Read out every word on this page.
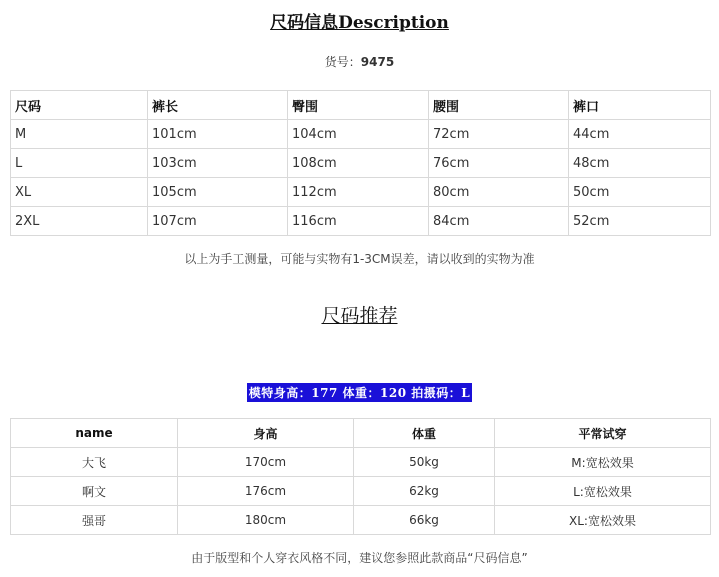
尺码信息Description
货号：9475
尺码	裤长	臀围	腰围	裤口
M	101cm	104cm	72cm	44cm
L	103cm	108cm	76cm	48cm
XL	105cm	112cm	80cm	50cm
2XL	107cm	116cm	84cm	52cm
以上为手工测量，可能与实物有1-3CM误差，请以收到的实物为准
尺码推荐
模特身高：177 体重：120 拍摄码：L
name	身高	体重	平常试穿
大飞	170cm	50kg	M:宽松效果
啊文	176cm	62kg	L:宽松效果
强哥	180cm	66kg	XL:宽松效果
由于版型和个人穿衣风格不同，建议您参照此款商品“尺码信息”
